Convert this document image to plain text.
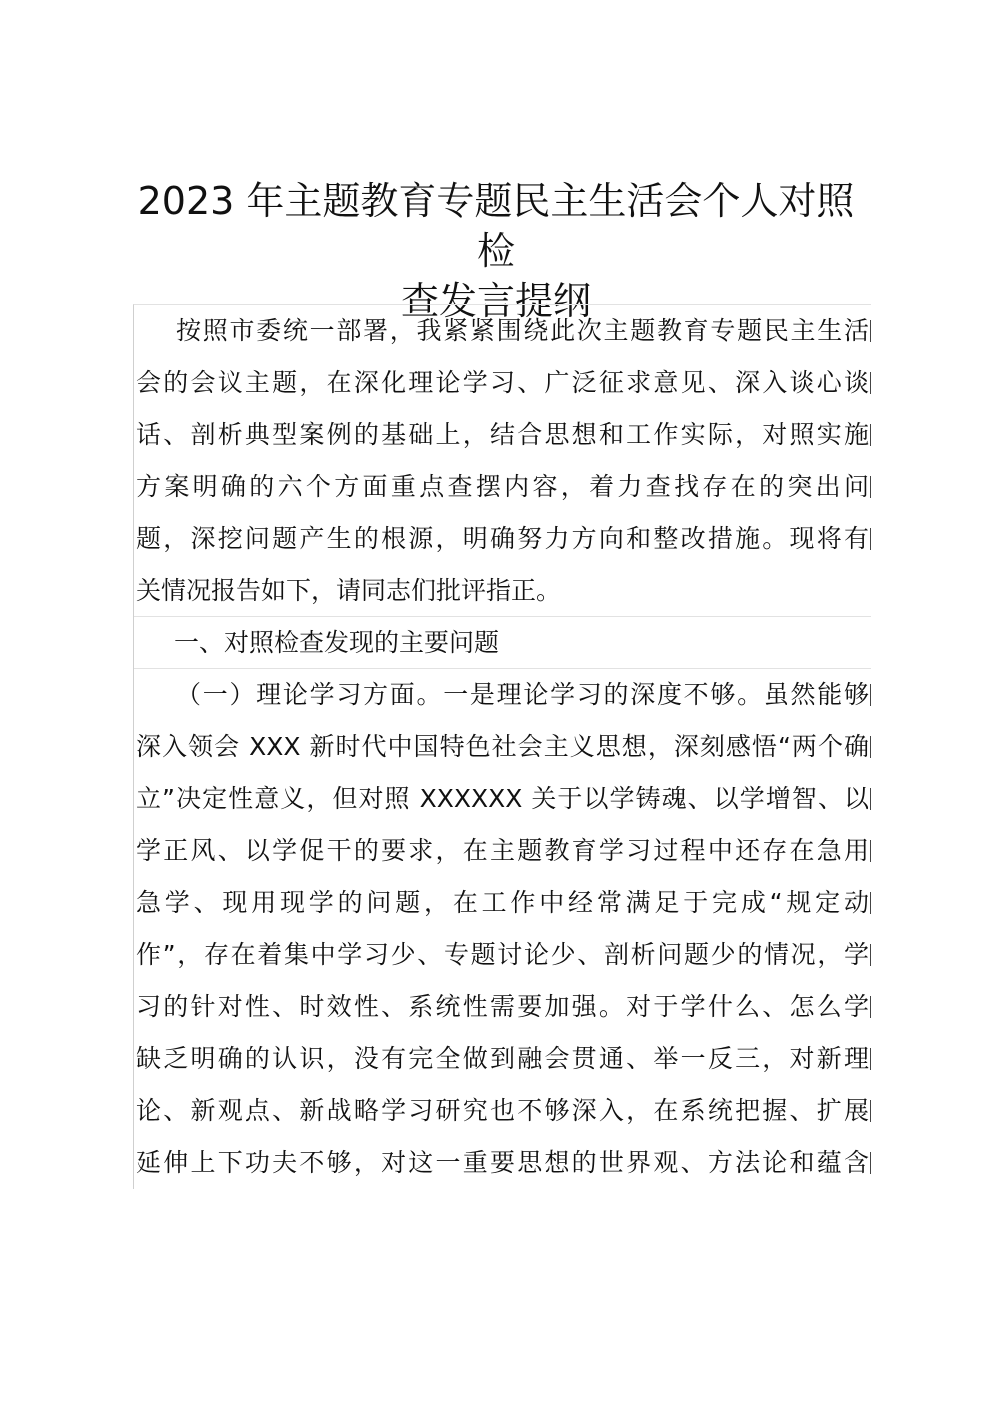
2023 年主题教育专题民主生活会个人对照检
查发言提纲
按照市委统一部署，我紧紧围绕此次主题教育专题民主生活
会的会议主题，在深化理论学习、广泛征求意见、深入谈心谈
话、剖析典型案例的基础上，结合思想和工作实际，对照实施
方案明确的六个方面重点查摆内容，着力查找存在的突出问
题，深挖问题产生的根源，明确努力方向和整改措施。现将有
关情况报告如下，请同志们批评指正。
一、对照检查发现的主要问题
（一）理论学习方面。一是理论学习的深度不够。虽然能够
深入领会 XXX 新时代中国特色社会主义思想，深刻感悟“两个确
立”决定性意义，但对照 XXXXXX 关于以学铸魂、以学增智、以
学正风、以学促干的要求，在主题教育学习过程中还存在急用
急学、现用现学的问题，在工作中经常满足于完成“规定动
作”，存在着集中学习少、专题讨论少、剖析问题少的情况，学
习的针对性、时效性、系统性需要加强。对于学什么、怎么学
缺乏明确的认识，没有完全做到融会贯通、举一反三，对新理
论、新观点、新战略学习研究也不够深入，在系统把握、扩展
延伸上下功夫不够，对这一重要思想的世界观、方法论和蕴含
